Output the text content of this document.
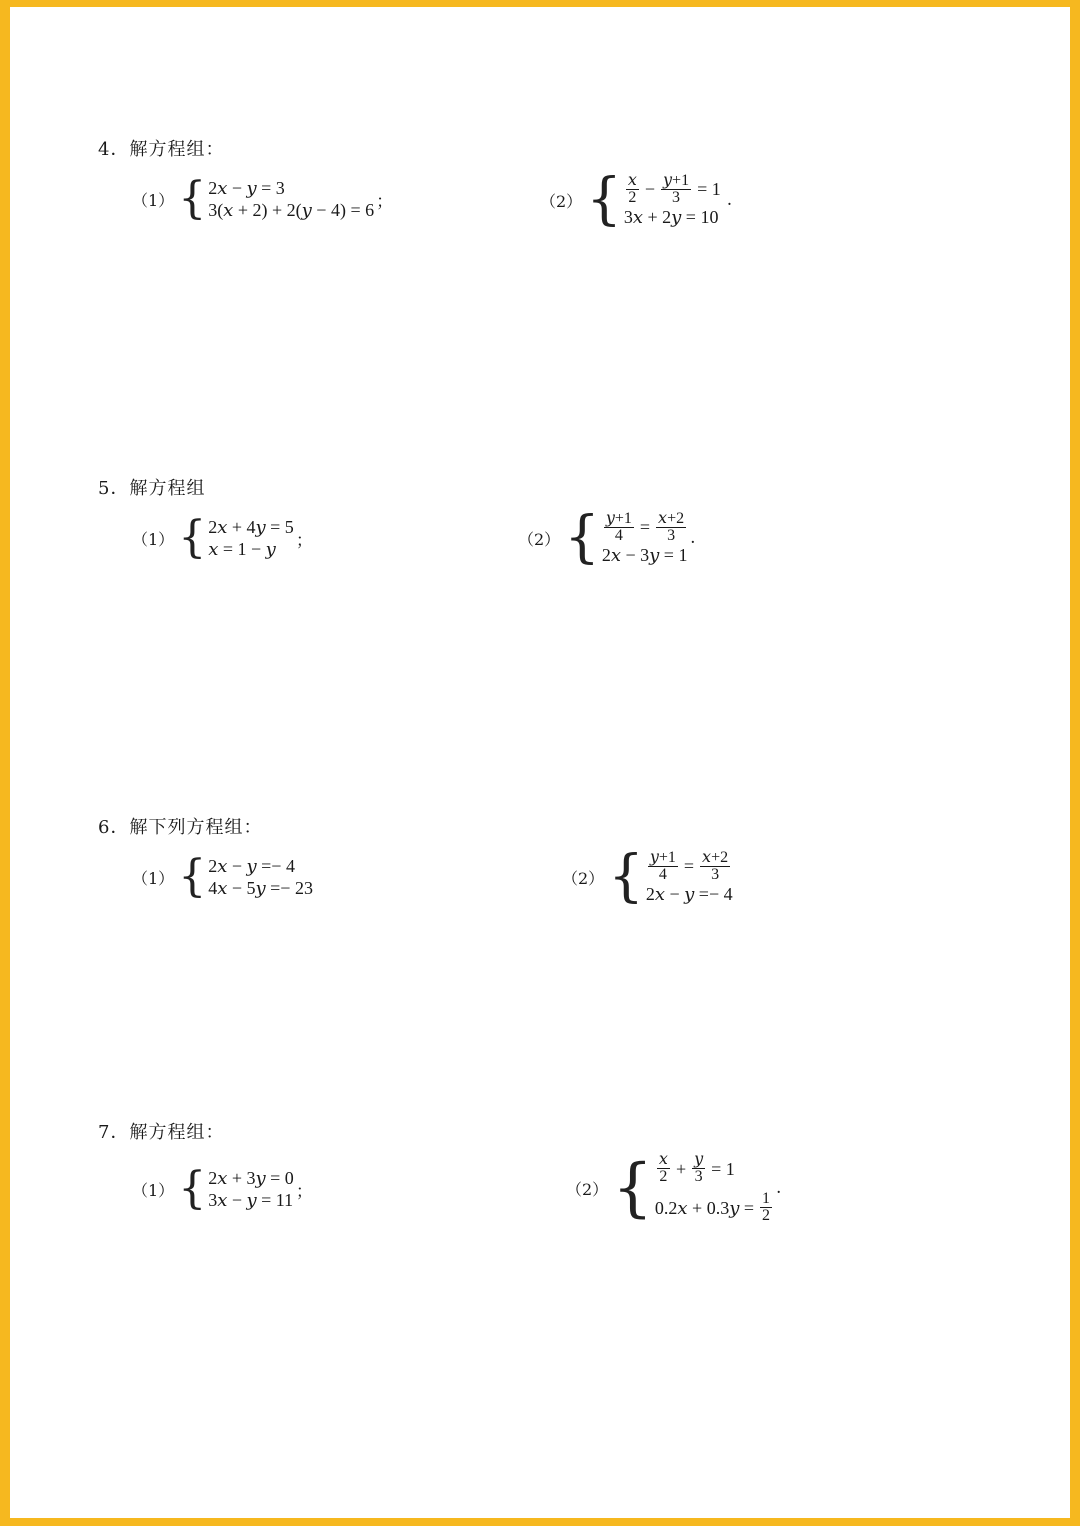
4．解方程组：
（1） { 2𝑥 − 𝑦 = 3
3(𝑥 + 2) + 2(𝑦 − 4) = 6 ；	（2） { $\frac{\text{𝑥}}{2} - \frac{\text{𝑦+1}}{3} = 1$
3𝑥 + 2𝑦 = 10
.
5．解方程组
（1） { 2𝑥 + 4𝑦 = 5
𝑥 = 1 − 𝑦	；	（2） { $\frac{\text{𝑦+1}}{4} = \frac{\text{𝑥+2}}{3}$
2𝑥 − 3𝑦 = 1
.
6．解下列方程组：
（1） { 2𝑥 − 𝑦 =− 4
4𝑥 − 5𝑦 =− 23	（2） { $\frac{\text{𝑦+1}}{4} = \frac{\text{𝑥+2}}{3}$
2𝑥 − 𝑦 =− 4
7．解方程组：
（1） { 2𝑥 + 3𝑦 = 0
3𝑥 − 𝑦 = 11 ；	（2） { $\frac{\text{𝑥}}{2} + \frac{\text{𝑦}}{3} = 1$
0.2𝑥 + 0.3𝑦 = $\frac{1}{2}$
.
